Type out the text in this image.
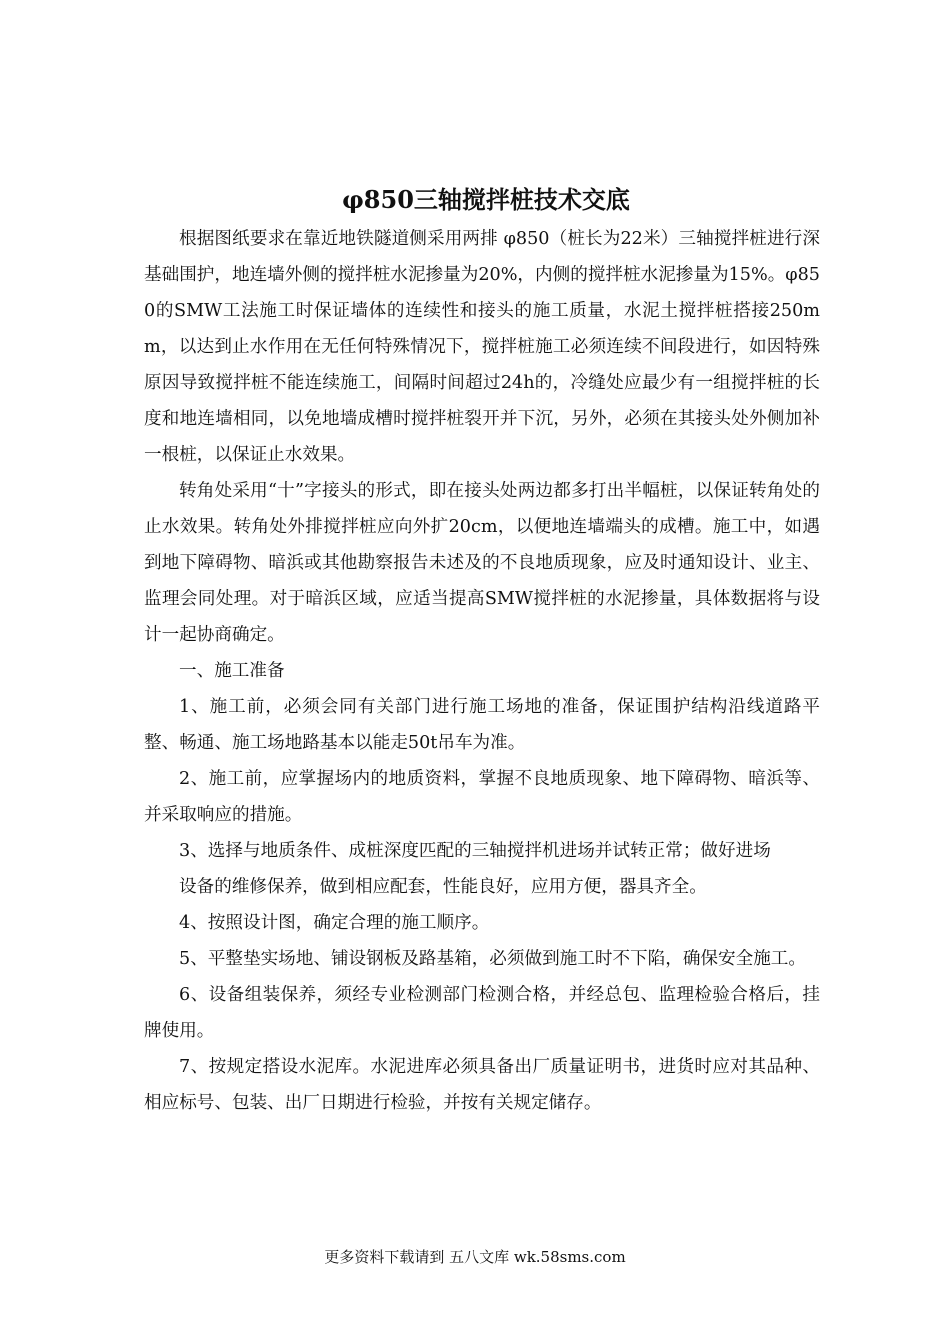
φ850三轴搅拌桩技术交底

根据图纸要求在靠近地铁隧道侧采用两排 φ850（桩长为22米）三轴搅拌桩进行深基础围护，地连墙外侧的搅拌桩水泥掺量为20%，内侧的搅拌桩水泥掺量为15%。φ850的SMW工法施工时保证墙体的连续性和接头的施工质量，水泥土搅拌桩搭接250mm，以达到止水作用在无任何特殊情况下，搅拌桩施工必须连续不间段进行，如因特殊原因导致搅拌桩不能连续施工，间隔时间超过24h的，冷缝处应最少有一组搅拌桩的长度和地连墙相同，以免地墙成槽时搅拌桩裂开并下沉，另外，必须在其接头处外侧加补一根桩，以保证止水效果。

转角处采用“十”字接头的形式，即在接头处两边都多打出半幅桩，以保证转角处的止水效果。转角处外排搅拌桩应向外扩20cm，以便地连墙端头的成槽。施工中，如遇到地下障碍物、暗浜或其他勘察报告未述及的不良地质现象，应及时通知设计、业主、监理会同处理。对于暗浜区域，应适当提高SMW搅拌桩的水泥掺量，具体数据将与设计一起协商确定。

一、施工准备

1、施工前，必须会同有关部门进行施工场地的准备，保证围护结构沿线道路平整、畅通、施工场地路基本以能走50t吊车为准。

2、施工前，应掌握场内的地质资料，掌握不良地质现象、地下障碍物、暗浜等、并采取响应的措施。

3、选择与地质条件、成桩深度匹配的三轴搅拌机进场并试转正常；做好进场

设备的维修保养，做到相应配套，性能良好，应用方便，器具齐全。

4、按照设计图，确定合理的施工顺序。

5、平整垫实场地、铺设钢板及路基箱，必须做到施工时不下陷，确保安全施工。

6、设备组装保养，须经专业检测部门检测合格，并经总包、监理检验合格后，挂牌使用。

7、按规定搭设水泥库。水泥进库必须具备出厂质量证明书，进货时应对其品种、相应标号、包装、出厂日期进行检验，并按有关规定储存。

更多资料下载请到 五八文库 wk.58sms.com
